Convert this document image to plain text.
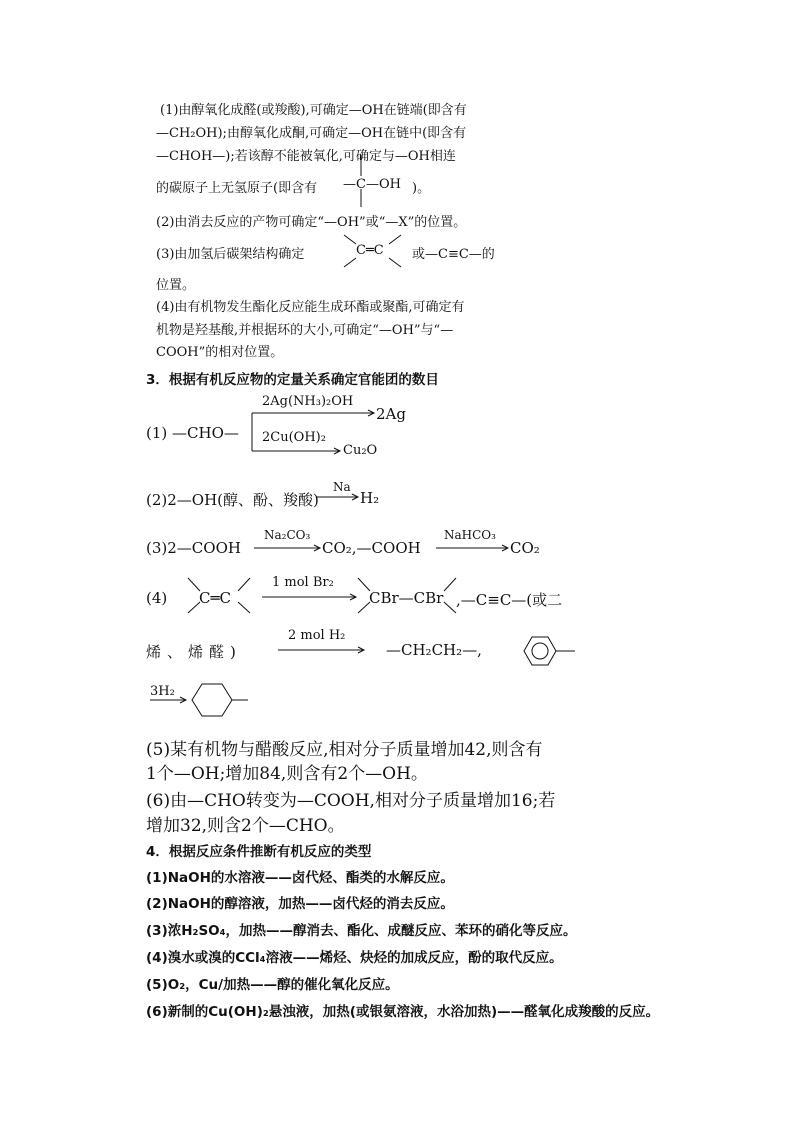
(1)由醇氧化成醛(或羧酸),可确定—OH在链端(即含有
—CH₂OH);由醇氧化成酮,可确定—OH在链中(即含有
—CHOH—);若该醇不能被氧化,可确定与—OH相连
的碳原子上无氢原子(即含有 —C—OH )。
(2)由消去反应的产物可确定“—OH”或“—X”的位置。
(3)由加氢后碳架结构确定	C═C 或—C≡C—的
位置。
(4)由有机物发生酯化反应能生成环酯或聚酯,可确定有
机物是羟基酸,并根据环的大小,可确定“—OH”与“—
COOH”的相对位置。
3．根据有机反应物的定量关系确定官能团的数目
(1) —CHO—
2Ag(NH₃)₂OH
2Ag
2Cu(OH)₂
Cu₂O
(2)2—OH(醇、酚、羧酸)
Na
H₂
(3)2—COOH
Na₂CO₃
CO₂,—COOH
NaHCO₃
CO₂
(4) C═C
1 mol Br₂
CBr—CBr ,—C≡C—(或二
烯、烯醛)
2 mol H₂
—CH₂CH₂—,
3H₂
(5)某有机物与醋酸反应,相对分子质量增加42,则含有
1个—OH;增加84,则含有2个—OH。
(6)由—CHO转变为—COOH,相对分子质量增加16;若
增加32,则含2个—CHO。
4．根据反应条件推断有机反应的类型
(1)NaOH的水溶液——卤代烃、酯类的水解反应。
(2)NaOH的醇溶液，加热——卤代烃的消去反应。
(3)浓H₂SO₄，加热——醇消去、酯化、成醚反应、苯环的硝化等反应。
(4)溴水或溴的CCl₄溶液——烯烃、炔烃的加成反应，酚的取代反应。
(5)O₂，Cu/加热——醇的催化氧化反应。
(6)新制的Cu(OH)₂悬浊液，加热(或银氨溶液，水浴加热)——醛氧化成羧酸的反应。
